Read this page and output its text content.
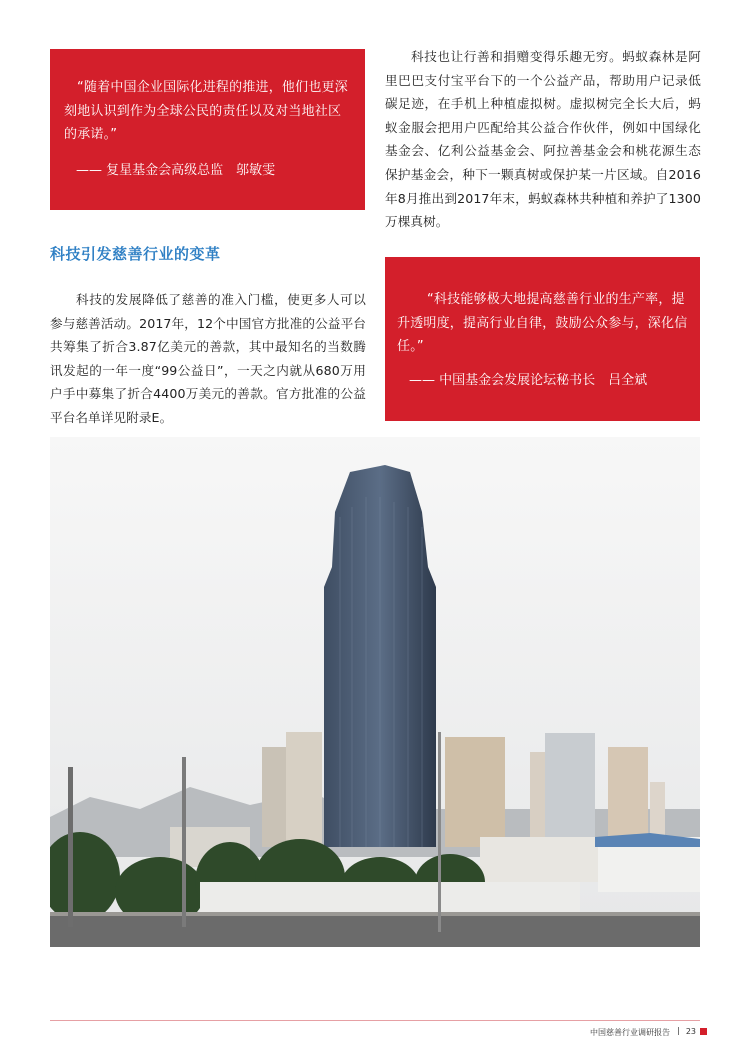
“随着中国企业国际化进程的推进，他们也更深刻地认识到作为全球公民的责任以及对当地社区的承诺。”

—— 复星基金会高级总监　邬敏雯
科技引发慈善行业的变革

科技的发展降低了慈善的准入门槛，使更多人可以参与慈善活动。2017年，12个中国官方批准的公益平台共筹集了折合3.87亿美元的善款，其中最知名的当数腾讯发起的一年一度“99公益日”，一天之内就从680万用户手中募集了折合4400万美元的善款。官方批准的公益平台名单详见附录E。

科技也让行善和捐赠变得乐趣无穷。蚂蚁森林是阿里巴巴支付宝平台下的一个公益产品，帮助用户记录低碳足迹，在手机上种植虚拟树。虚拟树完全长大后，蚂蚁金服会把用户匹配给其公益合作伙伴，例如中国绿化基金会、亿利公益基金会、阿拉善基金会和桃花源生态保护基金会，种下一颗真树或保护某一片区域。自2016年8月推出到2017年末，蚂蚁森林共种植和养护了1300万棵真树。

“科技能够极大地提高慈善行业的生产率，提升透明度，提高行业自律，鼓励公众参与，深化信任。”

—— 中国基金会发展论坛秘书长　吕全斌
中国慈善行业调研报告 | 23
